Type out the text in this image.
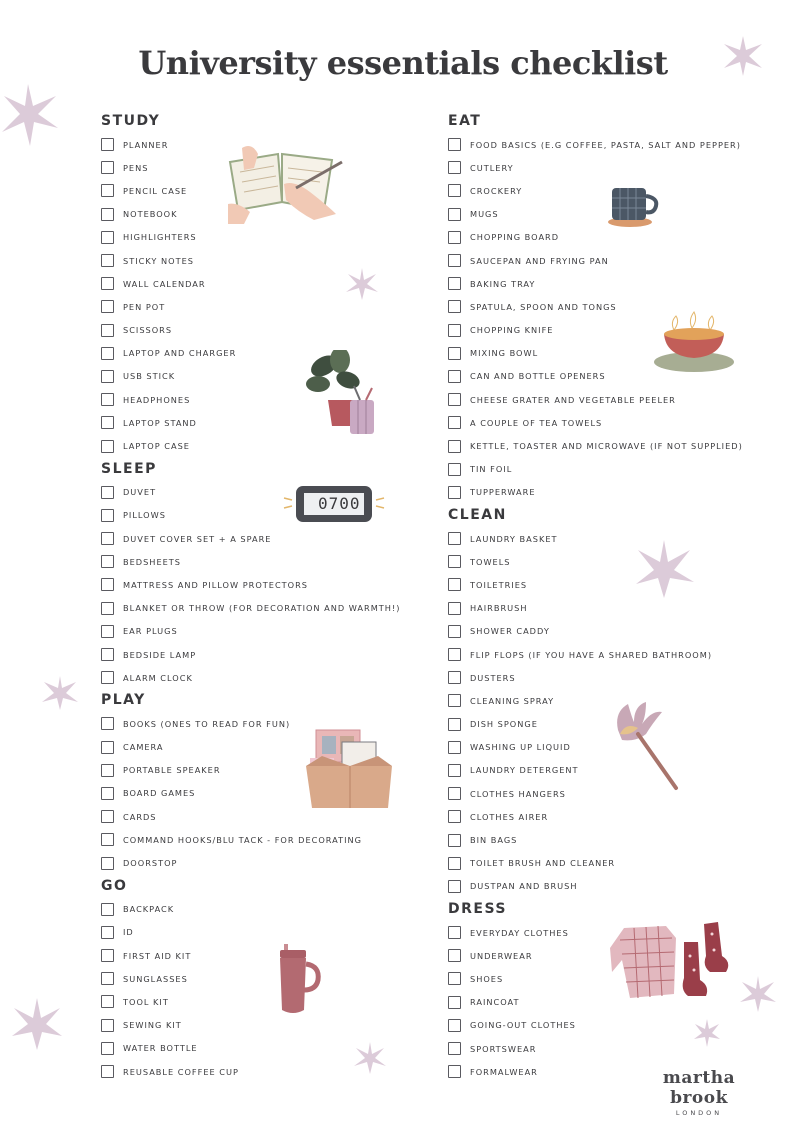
University essentials checklist
STUDY
PLANNER
PENS
PENCIL CASE
NOTEBOOK
HIGHLIGHTERS
STICKY NOTES
WALL CALENDAR
PEN POT
SCISSORS
LAPTOP AND CHARGER
USB STICK
HEADPHONES
LAPTOP STAND
LAPTOP CASE
SLEEP
DUVET
PILLOWS
DUVET COVER SET + A SPARE
BEDSHEETS
MATTRESS AND PILLOW PROTECTORS
BLANKET OR THROW (FOR DECORATION AND WARMTH!)
EAR PLUGS
BEDSIDE LAMP
ALARM CLOCK
PLAY
BOOKS (ONES TO READ FOR FUN)
CAMERA
PORTABLE SPEAKER
BOARD GAMES
CARDS
COMMAND HOOKS/BLU TACK - FOR DECORATING
DOORSTOP
GO
BACKPACK
ID
FIRST AID KIT
SUNGLASSES
TOOL KIT
SEWING KIT
WATER BOTTLE
REUSABLE COFFEE CUP
EAT
FOOD BASICS (E.G COFFEE, PASTA, SALT AND PEPPER)
CUTLERY
CROCKERY
MUGS
CHOPPING BOARD
SAUCEPAN AND FRYING PAN
BAKING TRAY
SPATULA, SPOON AND TONGS
CHOPPING KNIFE
MIXING BOWL
CAN AND BOTTLE OPENERS
CHEESE GRATER AND VEGETABLE PEELER
A COUPLE OF TEA TOWELS
KETTLE, TOASTER AND MICROWAVE (IF NOT SUPPLIED)
TIN FOIL
TUPPERWARE
CLEAN
LAUNDRY BASKET
TOWELS
TOILETRIES
HAIRBRUSH
SHOWER CADDY
FLIP FLOPS (IF YOU HAVE A SHARED BATHROOM)
DUSTERS
CLEANING SPRAY
DISH SPONGE
WASHING UP LIQUID
LAUNDRY DETERGENT
CLOTHES HANGERS
CLOTHES AIRER
BIN BAGS
TOILET BRUSH AND CLEANER
DUSTPAN AND BRUSH
DRESS
EVERYDAY CLOTHES
UNDERWEAR
SHOES
RAINCOAT
GOING-OUT CLOTHES
SPORTSWEAR
FORMALWEAR
0700
martha brook
LONDON
